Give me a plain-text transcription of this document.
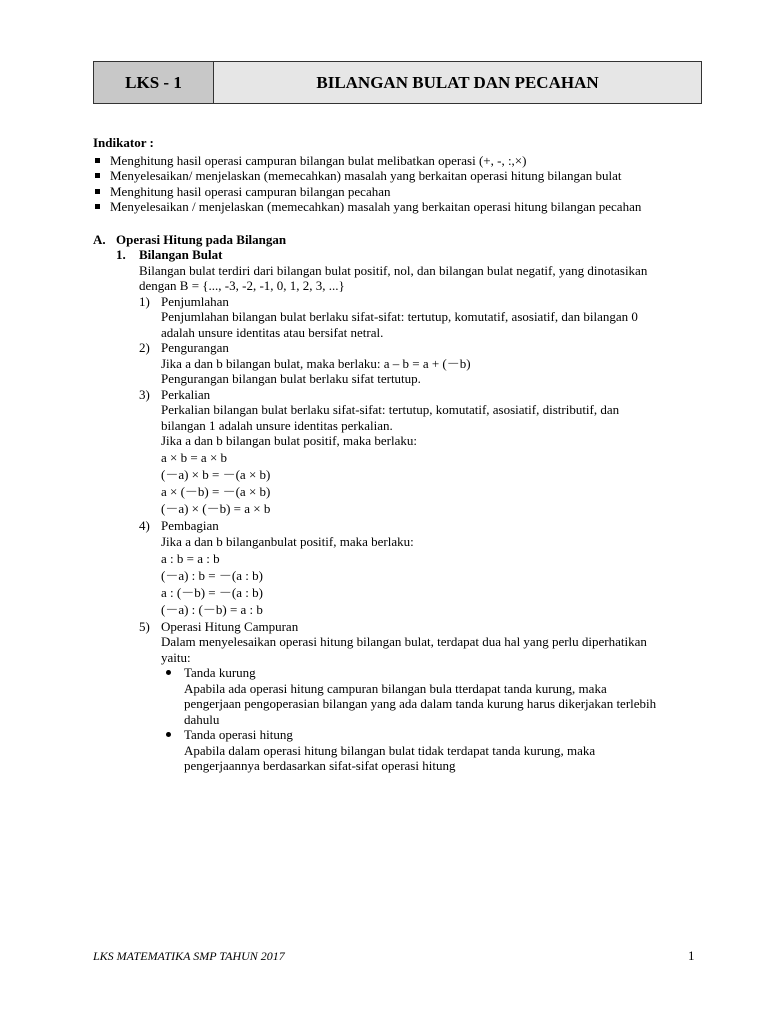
LKS - 1	BILANGAN BULAT DAN PECAHAN
Indikator :
Menghitung hasil operasi campuran bilangan bulat melibatkan operasi (+, -, :,×)
Menyelesaikan/ menjelaskan (memecahkan) masalah yang berkaitan operasi hitung bilangan bulat
Menghitung hasil operasi campuran bilangan pecahan
Menyelesaikan / menjelaskan (memecahkan) masalah yang berkaitan operasi hitung bilangan pecahan
A. Operasi Hitung pada Bilangan
1. Bilangan Bulat
Bilangan bulat terdiri dari bilangan bulat positif, nol, dan bilangan bulat negatif, yang dinotasikan
dengan B = {..., -3, -2, -1, 0, 1, 2, 3, ...}
1) Penjumlahan
Penjumlahan bilangan bulat berlaku sifat-sifat: tertutup, komutatif, asosiatif, dan bilangan 0
adalah unsure identitas atau bersifat netral.
2) Pengurangan
Jika a dan b bilangan bulat, maka berlaku: a – b = a + (－b)
Pengurangan bilangan bulat berlaku sifat tertutup.
3) Perkalian
Perkalian bilangan bulat berlaku sifat-sifat: tertutup, komutatif, asosiatif, distributif, dan
bilangan 1 adalah unsure identitas perkalian.
Jika a dan b bilangan bulat positif, maka berlaku:
a × b = a × b
(－a) × b = －(a × b)
a × (－b) = －(a × b)
(－a) × (－b) = a × b
4) Pembagian
Jika a dan b bilanganbulat positif, maka berlaku:
a : b = a : b
(－a) : b = －(a : b)
a : (－b) = －(a : b)
(－a) : (－b) = a : b
5) Operasi Hitung Campuran
Dalam menyelesaikan operasi hitung bilangan bulat, terdapat dua hal yang perlu diperhatikan
yaitu:
Tanda kurung
Apabila ada operasi hitung campuran bilangan bula tterdapat tanda kurung, maka
pengerjaan pengoperasian bilangan yang ada dalam tanda kurung harus dikerjakan terlebih
dahulu
Tanda operasi hitung
Apabila dalam operasi hitung bilangan bulat tidak terdapat tanda kurung, maka
pengerjaannya berdasarkan sifat-sifat operasi hitung
LKS MATEMATIKA SMP TAHUN 2017	1
